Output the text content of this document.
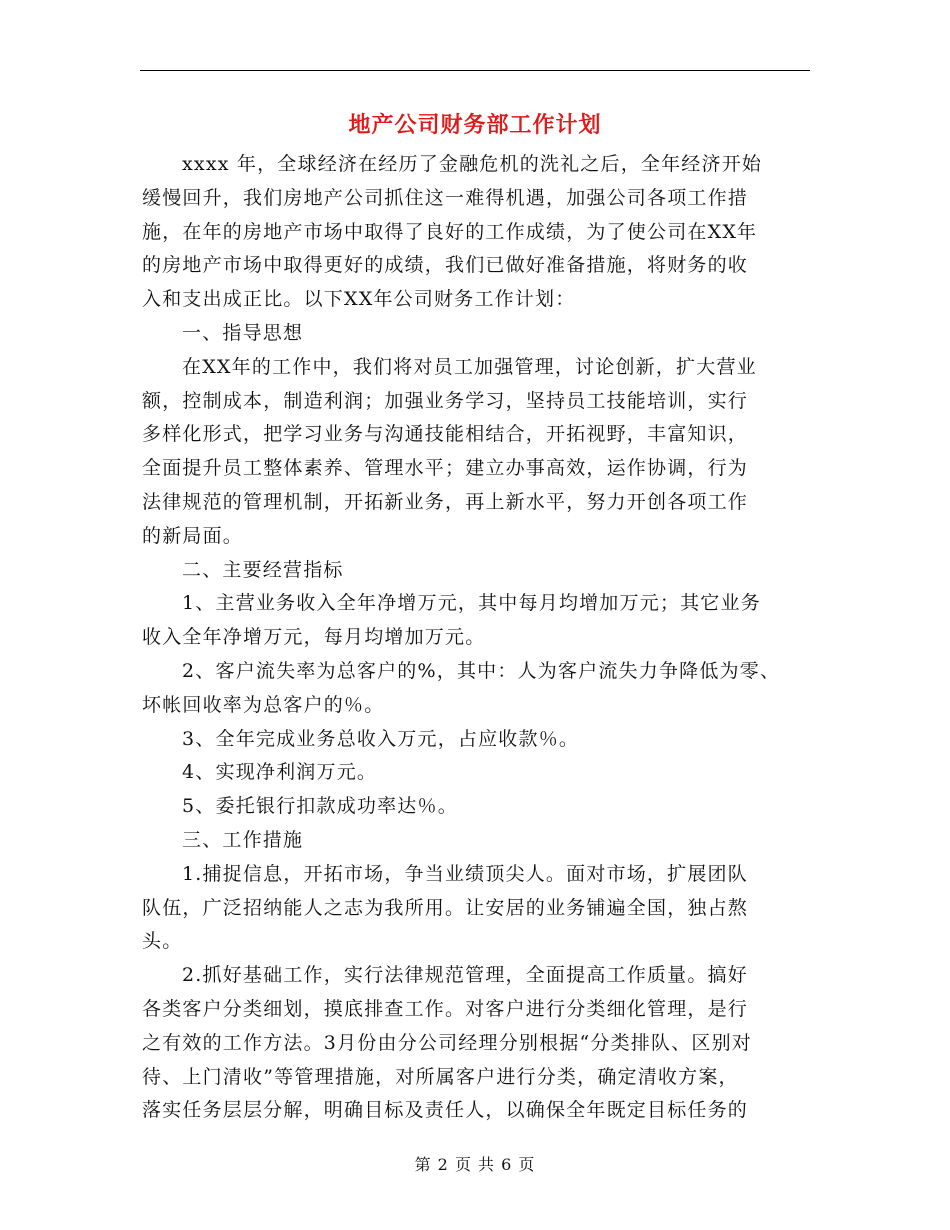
地产公司财务部工作计划
xxxx 年，全球经济在经历了金融危机的洗礼之后，全年经济开始
缓慢回升，我们房地产公司抓住这一难得机遇，加强公司各项工作措
施，在年的房地产市场中取得了良好的工作成绩，为了使公司在XX年
的房地产市场中取得更好的成绩，我们已做好准备措施，将财务的收
入和支出成正比。以下XX年公司财务工作计划：
一、指导思想
在XX年的工作中，我们将对员工加强管理，讨论创新，扩大营业
额，控制成本，制造利润；加强业务学习，坚持员工技能培训，实行
多样化形式，把学习业务与沟通技能相结合，开拓视野，丰富知识，
全面提升员工整体素养、管理水平；建立办事高效，运作协调，行为
法律规范的管理机制，开拓新业务，再上新水平，努力开创各项工作
的新局面。
二、主要经营指标
1、主营业务收入全年净增万元，其中每月均增加万元；其它业务
收入全年净增万元，每月均增加万元。
2、客户流失率为总客户的%，其中：人为客户流失力争降低为零、
坏帐回收率为总客户的％。
3、全年完成业务总收入万元，占应收款％。
4、实现净利润万元。
5、委托银行扣款成功率达％。
三、工作措施
1.捕捉信息，开拓市场，争当业绩顶尖人。面对市场，扩展团队
队伍，广泛招纳能人之志为我所用。让安居的业务铺遍全国，独占熬
头。
2.抓好基础工作，实行法律规范管理，全面提高工作质量。搞好
各类客户分类细划，摸底排查工作。对客户进行分类细化管理，是行
之有效的工作方法。3月份由分公司经理分别根据“分类排队、区别对
待、上门清收”等管理措施，对所属客户进行分类，确定清收方案，
落实任务层层分解，明确目标及责任人，以确保全年既定目标任务的
第 2 页 共 6 页
